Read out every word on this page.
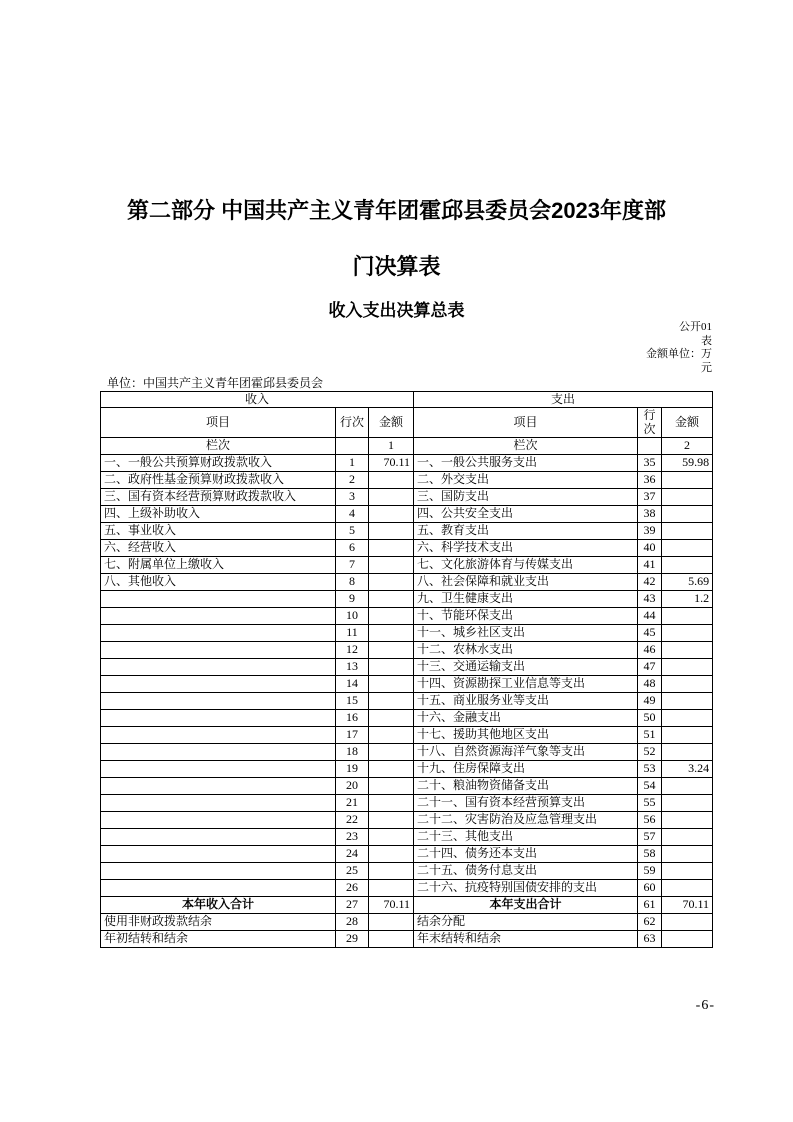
第二部分 中国共产主义青年团霍邱县委员会2023年度部
门决算表
收入支出决算总表
公开01
表
金额单位：万
元
单位：中国共产主义青年团霍邱县委员会
收入			支出		
项目	行次	金额	项目	行次	金额
栏次		1	栏次		2
一、一般公共预算财政拨款收入	1	70.11	一、一般公共服务支出	35	59.98
二、政府性基金预算财政拨款收入	2		二、外交支出	36	
三、国有资本经营预算财政拨款收入	3		三、国防支出	37	
四、上级补助收入	4		四、公共安全支出	38	
五、事业收入	5		五、教育支出	39	
六、经营收入	6		六、科学技术支出	40	
七、附属单位上缴收入	7		七、文化旅游体育与传媒支出	41	
八、其他收入	8		八、社会保障和就业支出	42	5.69
	9		九、卫生健康支出	43	1.2
	10		十、节能环保支出	44	
	11		十一、城乡社区支出	45	
	12		十二、农林水支出	46	
	13		十三、交通运输支出	47	
	14		十四、资源勘探工业信息等支出	48	
	15		十五、商业服务业等支出	49	
	16		十六、金融支出	50	
	17		十七、援助其他地区支出	51	
	18		十八、自然资源海洋气象等支出	52	
	19		十九、住房保障支出	53	3.24
	20		二十、粮油物资储备支出	54	
	21		二十一、国有资本经营预算支出	55	
	22		二十二、灾害防治及应急管理支出	56	
	23		二十三、其他支出	57	
	24		二十四、债务还本支出	58	
	25		二十五、债务付息支出	59	
	26		二十六、抗疫特别国债安排的支出	60	
本年收入合计	27	70.11	本年支出合计	61	70.11
使用非财政拨款结余	28		结余分配	62	
年初结转和结余	29		年末结转和结余	63	
-6-
